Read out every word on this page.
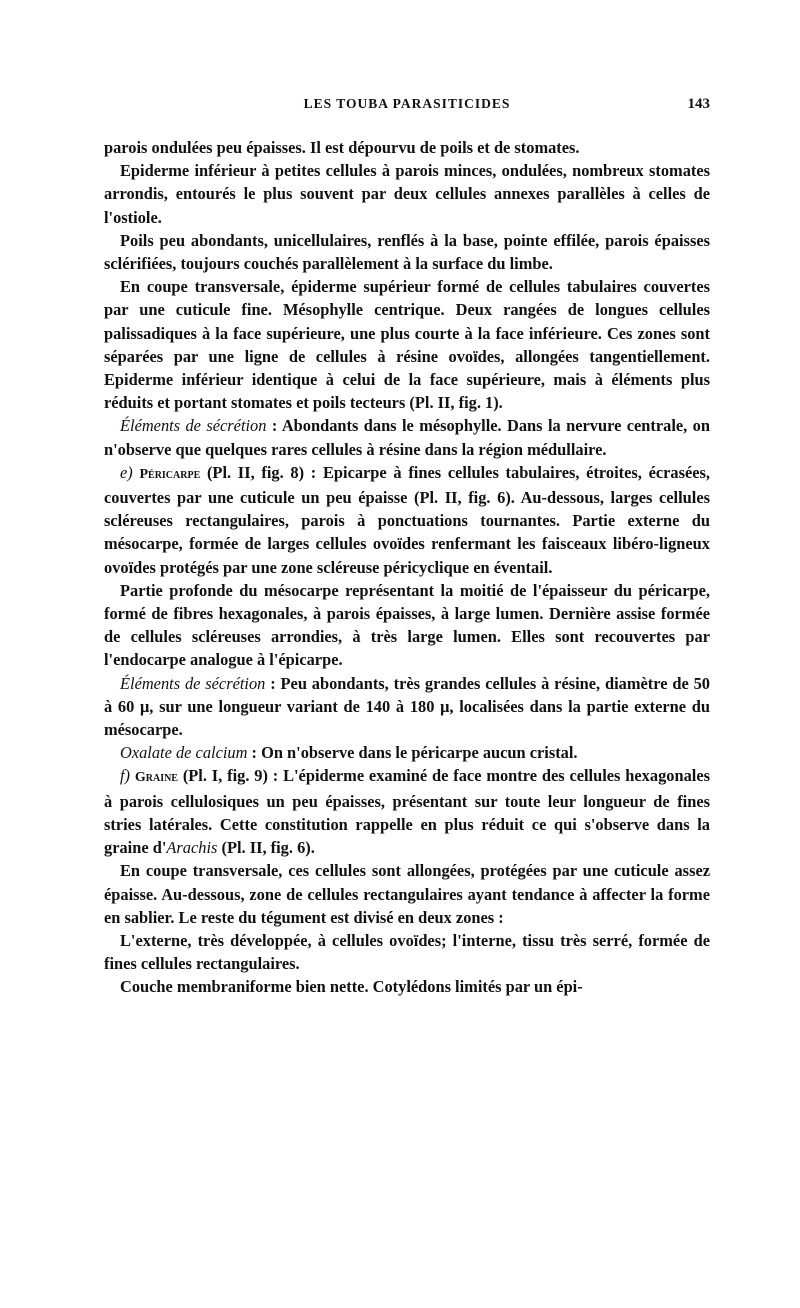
LES TOUBA PARASITICIDES	143

parois ondulées peu épaisses. Il est dépourvu de poils et de stomates.

Epiderme inférieur à petites cellules à parois minces, ondulées, nombreux stomates arrondis, entourés le plus souvent par deux cellules annexes parallèles à celles de l'ostiole.

Poils peu abondants, unicellulaires, renflés à la base, pointe effilée, parois épaisses sclérifiées, toujours couchés parallèlement à la surface du limbe.

En coupe transversale, épiderme supérieur formé de cellules tabulaires couvertes par une cuticule fine. Mésophylle centrique. Deux rangées de longues cellules palissadiques à la face supérieure, une plus courte à la face inférieure. Ces zones sont séparées par une ligne de cellules à résine ovoïdes, allongées tangentiellement. Epiderme inférieur identique à celui de la face supérieure, mais à éléments plus réduits et portant stomates et poils tecteurs (Pl. II, fig. 1).

Éléments de sécrétion : Abondants dans le mésophylle. Dans la nervure centrale, on n'observe que quelques rares cellules à résine dans la région médullaire.

e) Péricarpe (Pl. II, fig. 8) : Epicarpe à fines cellules tabulaires, étroites, écrasées, couvertes par une cuticule un peu épaisse (Pl. II, fig. 6). Au-dessous, larges cellules scléreuses rectangulaires, parois à ponctuations tournantes. Partie externe du mésocarpe, formée de larges cellules ovoïdes renfermant les faisceaux libéro-ligneux ovoïdes protégés par une zone scléreuse péricyclique en éventail.

Partie profonde du mésocarpe représentant la moitié de l'épaisseur du péricarpe, formé de fibres hexagonales, à parois épaisses, à large lumen. Dernière assise formée de cellules scléreuses arrondies, à très large lumen. Elles sont recouvertes par l'endocarpe analogue à l'épicarpe.

Éléments de sécrétion : Peu abondants, très grandes cellules à résine, diamètre de 50 à 60 μ, sur une longueur variant de 140 à 180 μ, localisées dans la partie externe du mésocarpe.

Oxalate de calcium : On n'observe dans le péricarpe aucun cristal.

f) Graine (Pl. I, fig. 9) : L'épiderme examiné de face montre des cellules hexagonales à parois cellulosiques un peu épaisses, présentant sur toute leur longueur de fines stries latérales. Cette constitution rappelle en plus réduit ce qui s'observe dans la graine d'Arachis (Pl. II, fig. 6).

En coupe transversale, ces cellules sont allongées, protégées par une cuticule assez épaisse. Au-dessous, zone de cellules rectangulaires ayant tendance à affecter la forme en sablier. Le reste du tégument est divisé en deux zones :

L'externe, très développée, à cellules ovoïdes; l'interne, tissu très serré, formée de fines cellules rectangulaires.

Couche membraniforme bien nette. Cotylédons limités par un épi-
